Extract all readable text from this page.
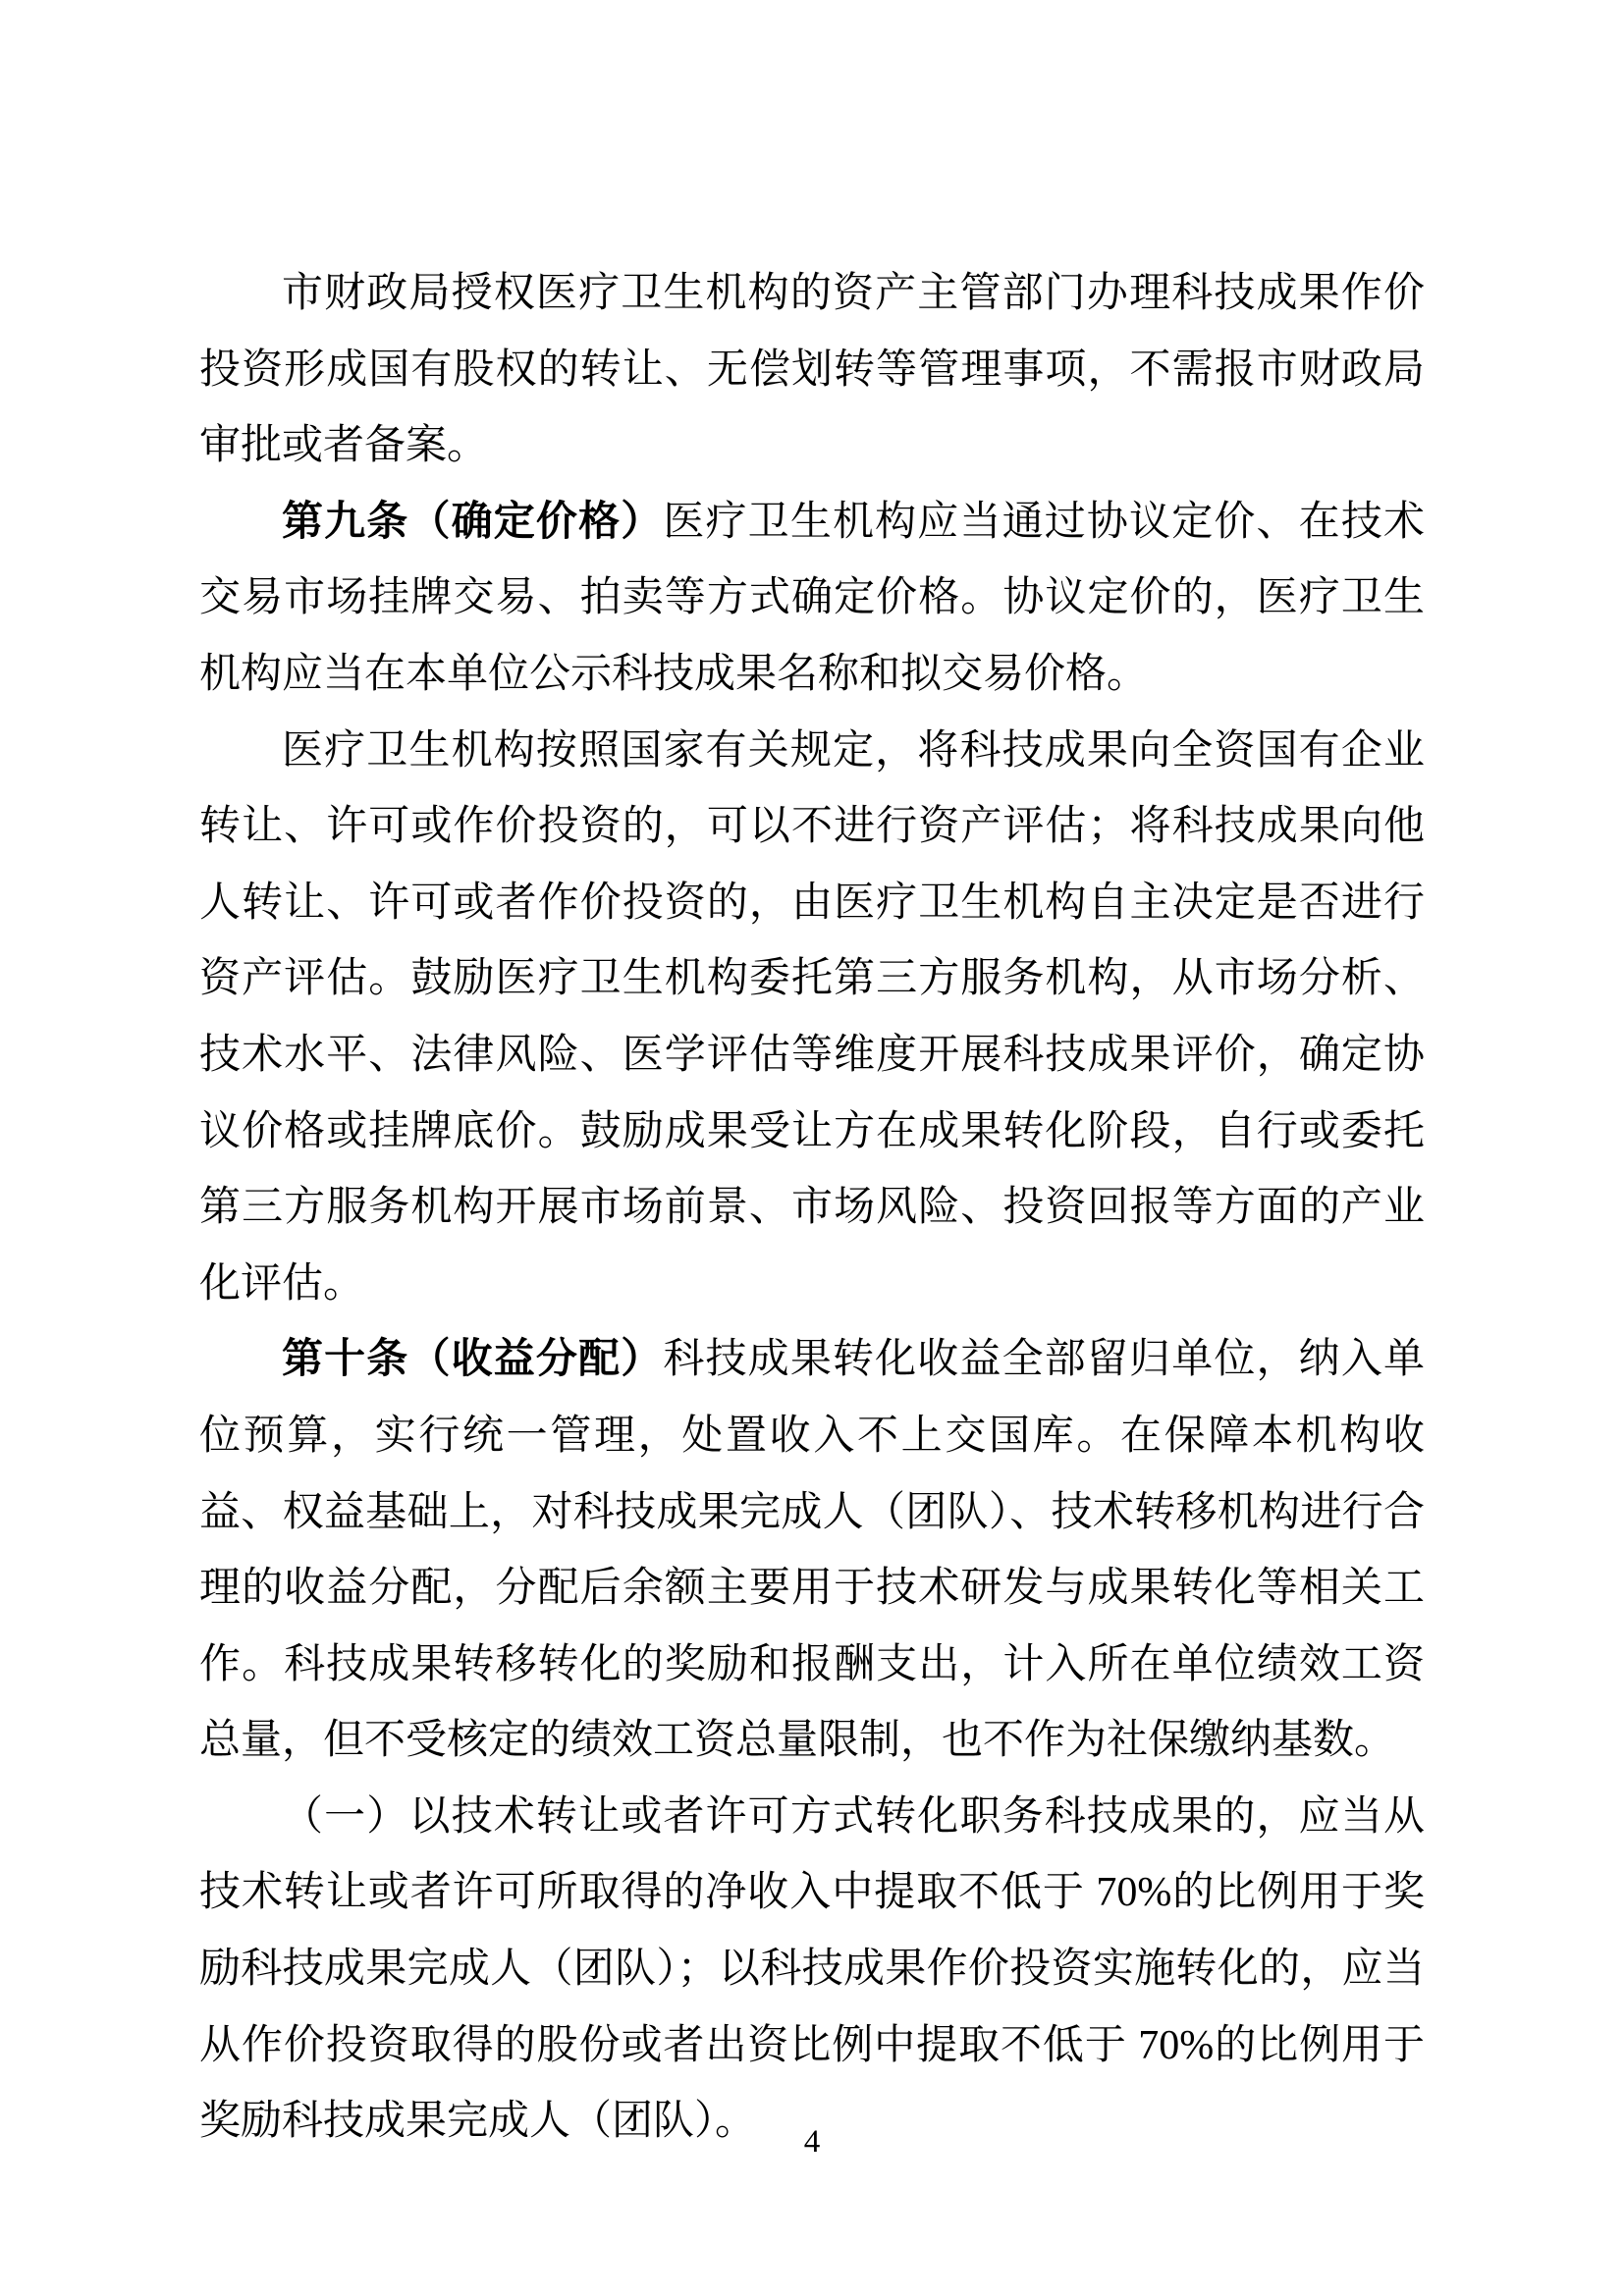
市财政局授权医疗卫生机构的资产主管部门办理科技成果作价投资形成国有股权的转让、无偿划转等管理事项，不需报市财政局审批或者备案。

第九条（确定价格）医疗卫生机构应当通过协议定价、在技术交易市场挂牌交易、拍卖等方式确定价格。协议定价的，医疗卫生机构应当在本单位公示科技成果名称和拟交易价格。

医疗卫生机构按照国家有关规定，将科技成果向全资国有企业转让、许可或作价投资的，可以不进行资产评估；将科技成果向他人转让、许可或者作价投资的，由医疗卫生机构自主决定是否进行资产评估。鼓励医疗卫生机构委托第三方服务机构，从市场分析、技术水平、法律风险、医学评估等维度开展科技成果评价，确定协议价格或挂牌底价。鼓励成果受让方在成果转化阶段，自行或委托第三方服务机构开展市场前景、市场风险、投资回报等方面的产业化评估。

第十条（收益分配）科技成果转化收益全部留归单位，纳入单位预算，实行统一管理，处置收入不上交国库。在保障本机构收益、权益基础上，对科技成果完成人（团队）、技术转移机构进行合理的收益分配，分配后余额主要用于技术研发与成果转化等相关工作。科技成果转移转化的奖励和报酬支出，计入所在单位绩效工资总量，但不受核定的绩效工资总量限制，也不作为社保缴纳基数。

（一）以技术转让或者许可方式转化职务科技成果的，应当从技术转让或者许可所取得的净收入中提取不低于 70%的比例用于奖励科技成果完成人（团队）；以科技成果作价投资实施转化的，应当从作价投资取得的股份或者出资比例中提取不低于 70%的比例用于奖励科技成果完成人（团队）。	4
